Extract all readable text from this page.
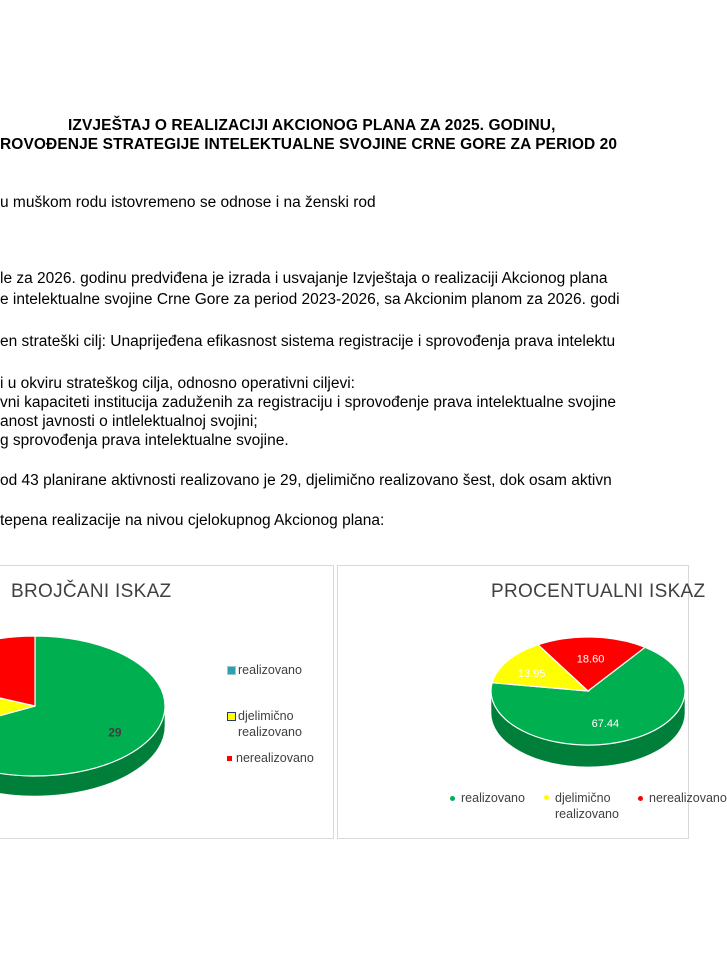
IZVJEŠTAJ O REALIZACIJI AKCIONOG PLANA ZA 2025. GODINU,
ROVOĐENJE STRATEGIJE INTELEKTUALNE SVOJINE CRNE GORE ZA PERIOD 20
u muškom rodu istovremeno se odnose i na ženski rod
le za 2026. godinu predviđena je izrada i usvajanje Izvještaja o realizaciji Akcionog plana
e intelektualne svojine Crne Gore za period 2023-2026, sa Akcionim planom za 2026. godi
en strateški cilj: Unaprijeđena efikasnost sistema registracije i sprovođenja prava intelektu
i u okviru strateškog cilja, odnosno operativni ciljevi:
vni kapaciteti institucija zaduženih za registraciju i sprovođenje prava intelektualne svojine
anost javnosti o intlelektualnoj svojini;
g sprovođenja prava intelektualne svojine.
od 43 planirane aktivnosti realizovano je 29, djelimično realizovano šest, dok osam aktivn
tepena realizacije na nivou cjelokupnog Akcionog plana:
BROJČANI ISKAZ
29
realizovano
djelimično realizovano
nerealizovano
PROCENTUALNI ISKAZ
67.44
13.95
18.60
realizovano	djelimično realizovano
nerealizovano
